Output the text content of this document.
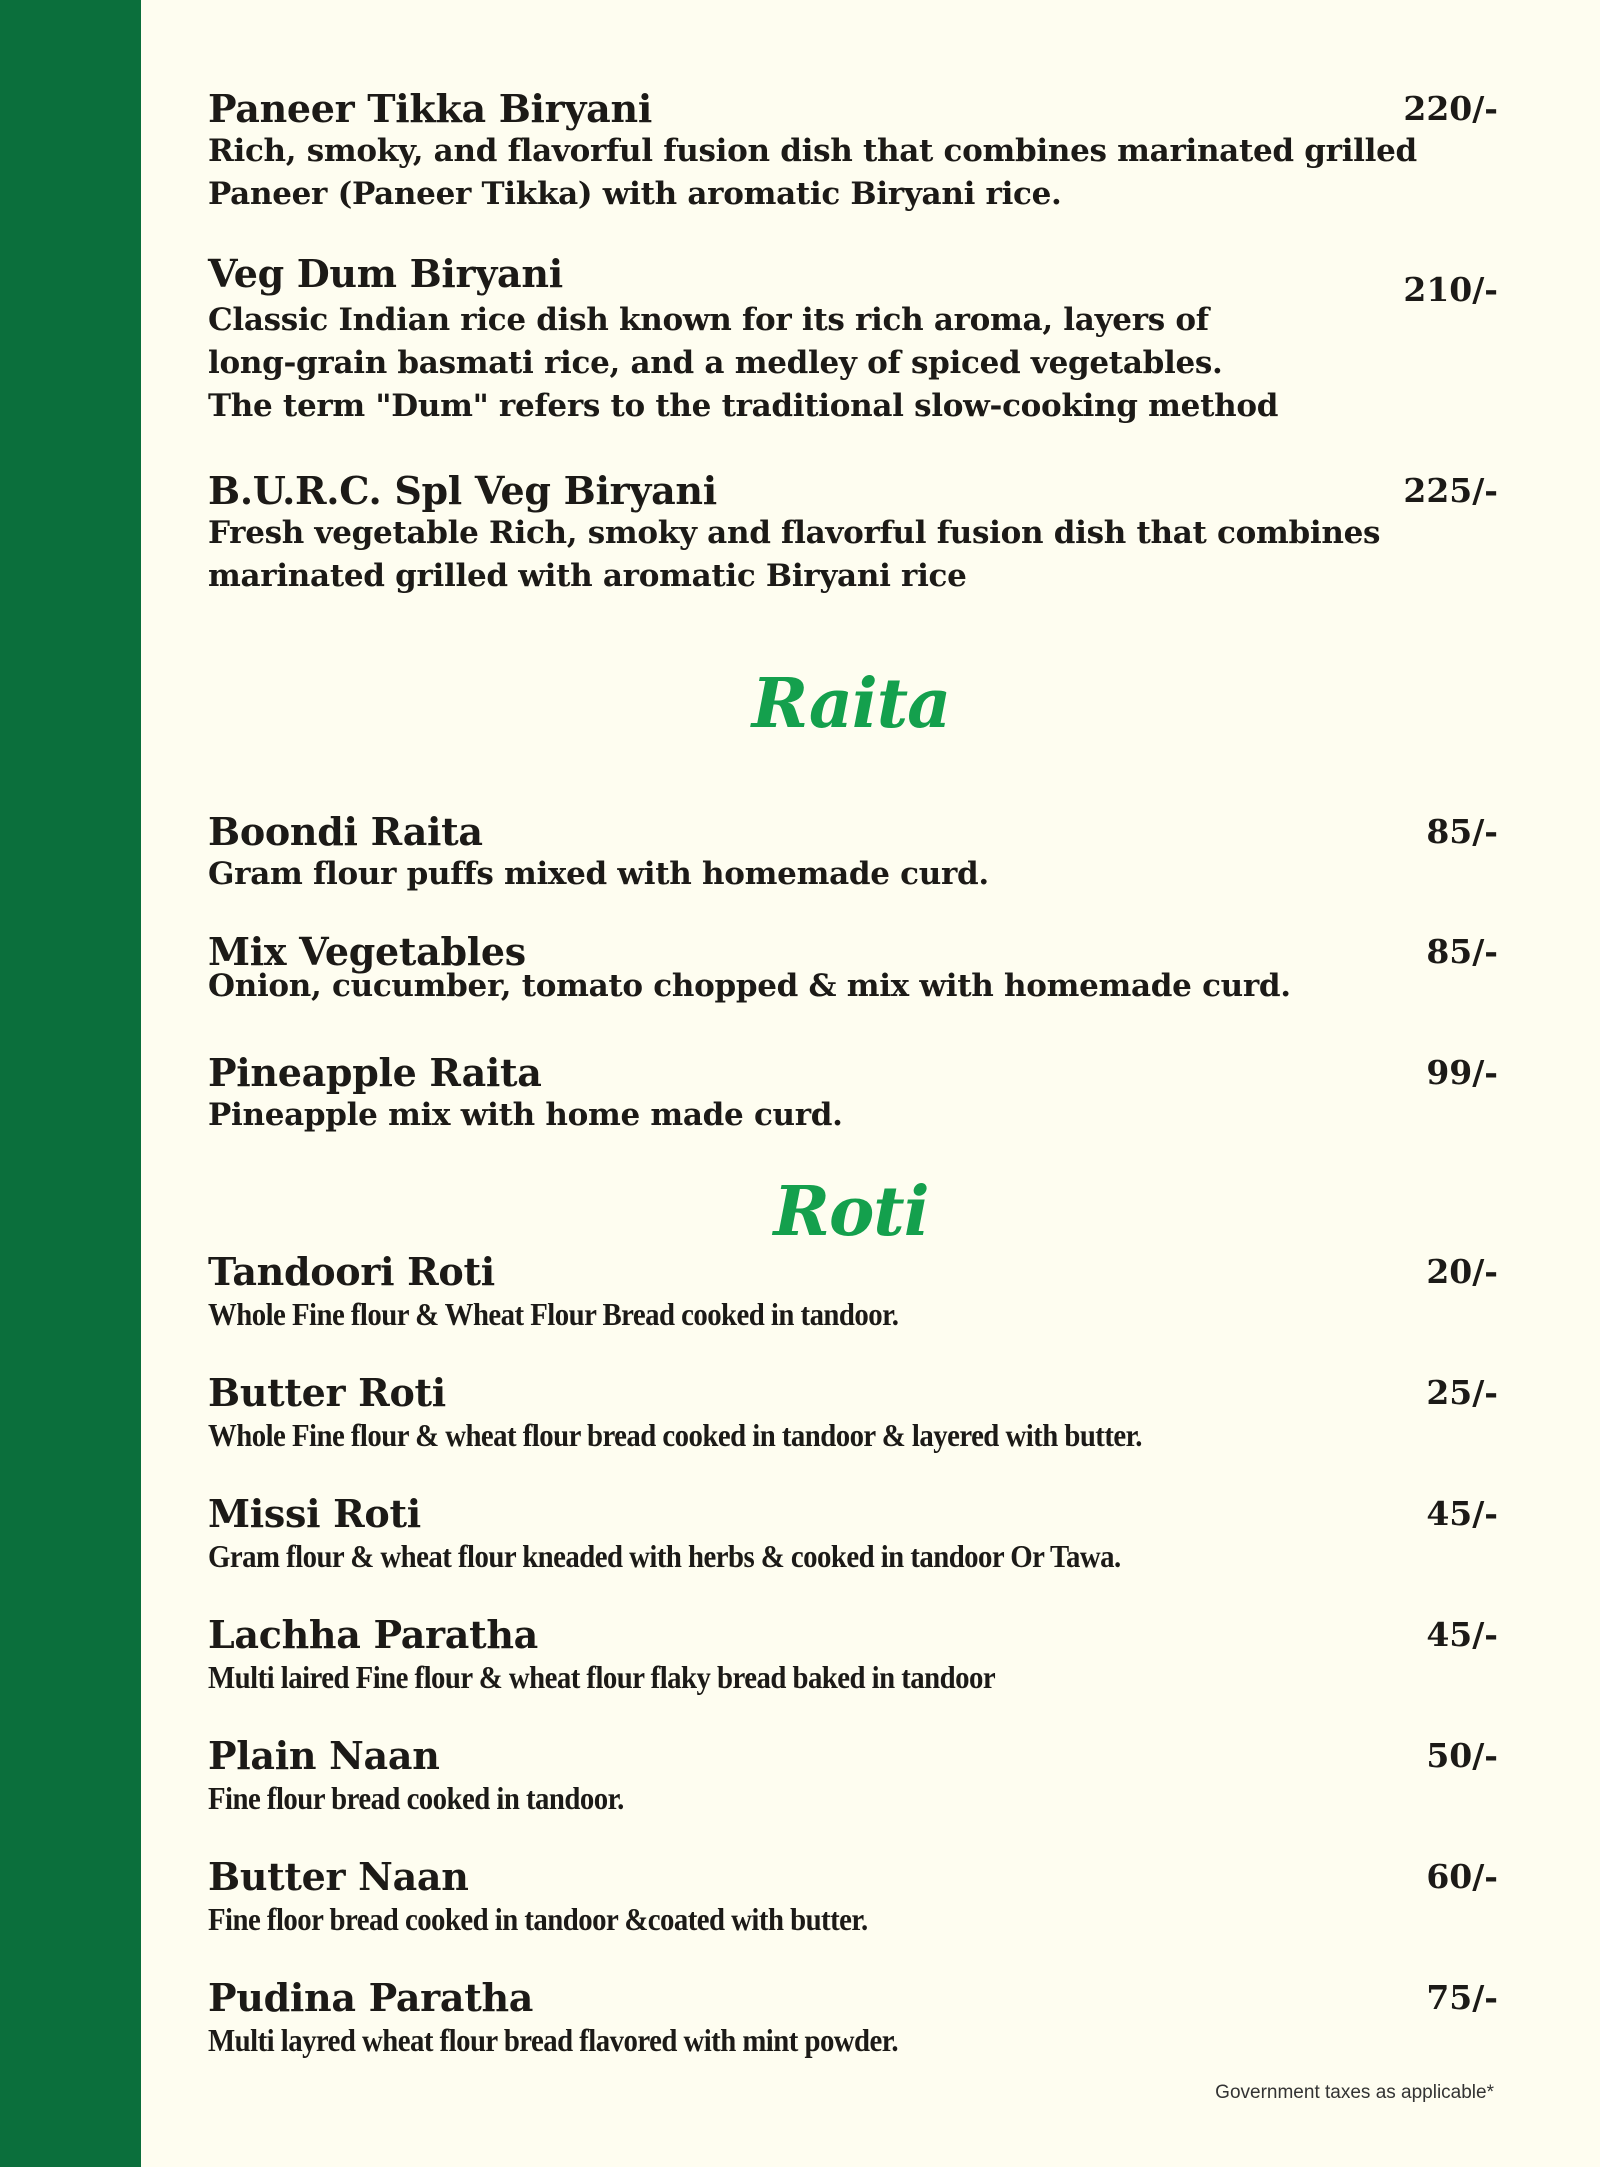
Paneer Tikka Biryani	220/-
Rich, smoky, and flavorful fusion dish that combines marinated grilled
Paneer (Paneer Tikka) with aromatic Biryani rice.
Veg Dum Biryani	210/-
Classic Indian rice dish known for its rich aroma, layers of
long-grain basmati rice, and a medley of spiced vegetables.
The term "Dum" refers to the traditional slow-cooking method
B.U.R.C. Spl Veg Biryani	225/-
Fresh vegetable Rich, smoky and flavorful fusion dish that combines
marinated grilled with aromatic Biryani rice
Raita
Boondi Raita	85/-
Gram flour puffs mixed with homemade curd.
Mix Vegetables	85/-
Onion, cucumber, tomato chopped & mix with homemade curd.
Pineapple Raita	99/-
Pineapple mix with home made curd.
Roti
Tandoori Roti	20/-
Whole Fine flour & Wheat Flour Bread cooked in tandoor.
Butter Roti	25/-
Whole Fine flour & wheat flour bread cooked in tandoor & layered with butter.
Missi Roti	45/-
Gram flour & wheat flour kneaded with herbs & cooked in tandoor Or Tawa.
Lachha Paratha	45/-
Multi laired Fine flour & wheat flour flaky bread baked in tandoor
Plain Naan	50/-
Fine flour bread cooked in tandoor.
Butter Naan	60/-
Fine floor bread cooked in tandoor &coated with butter.
Pudina Paratha	75/-
Multi layred wheat flour bread flavored with mint powder.
Government taxes as applicable*
